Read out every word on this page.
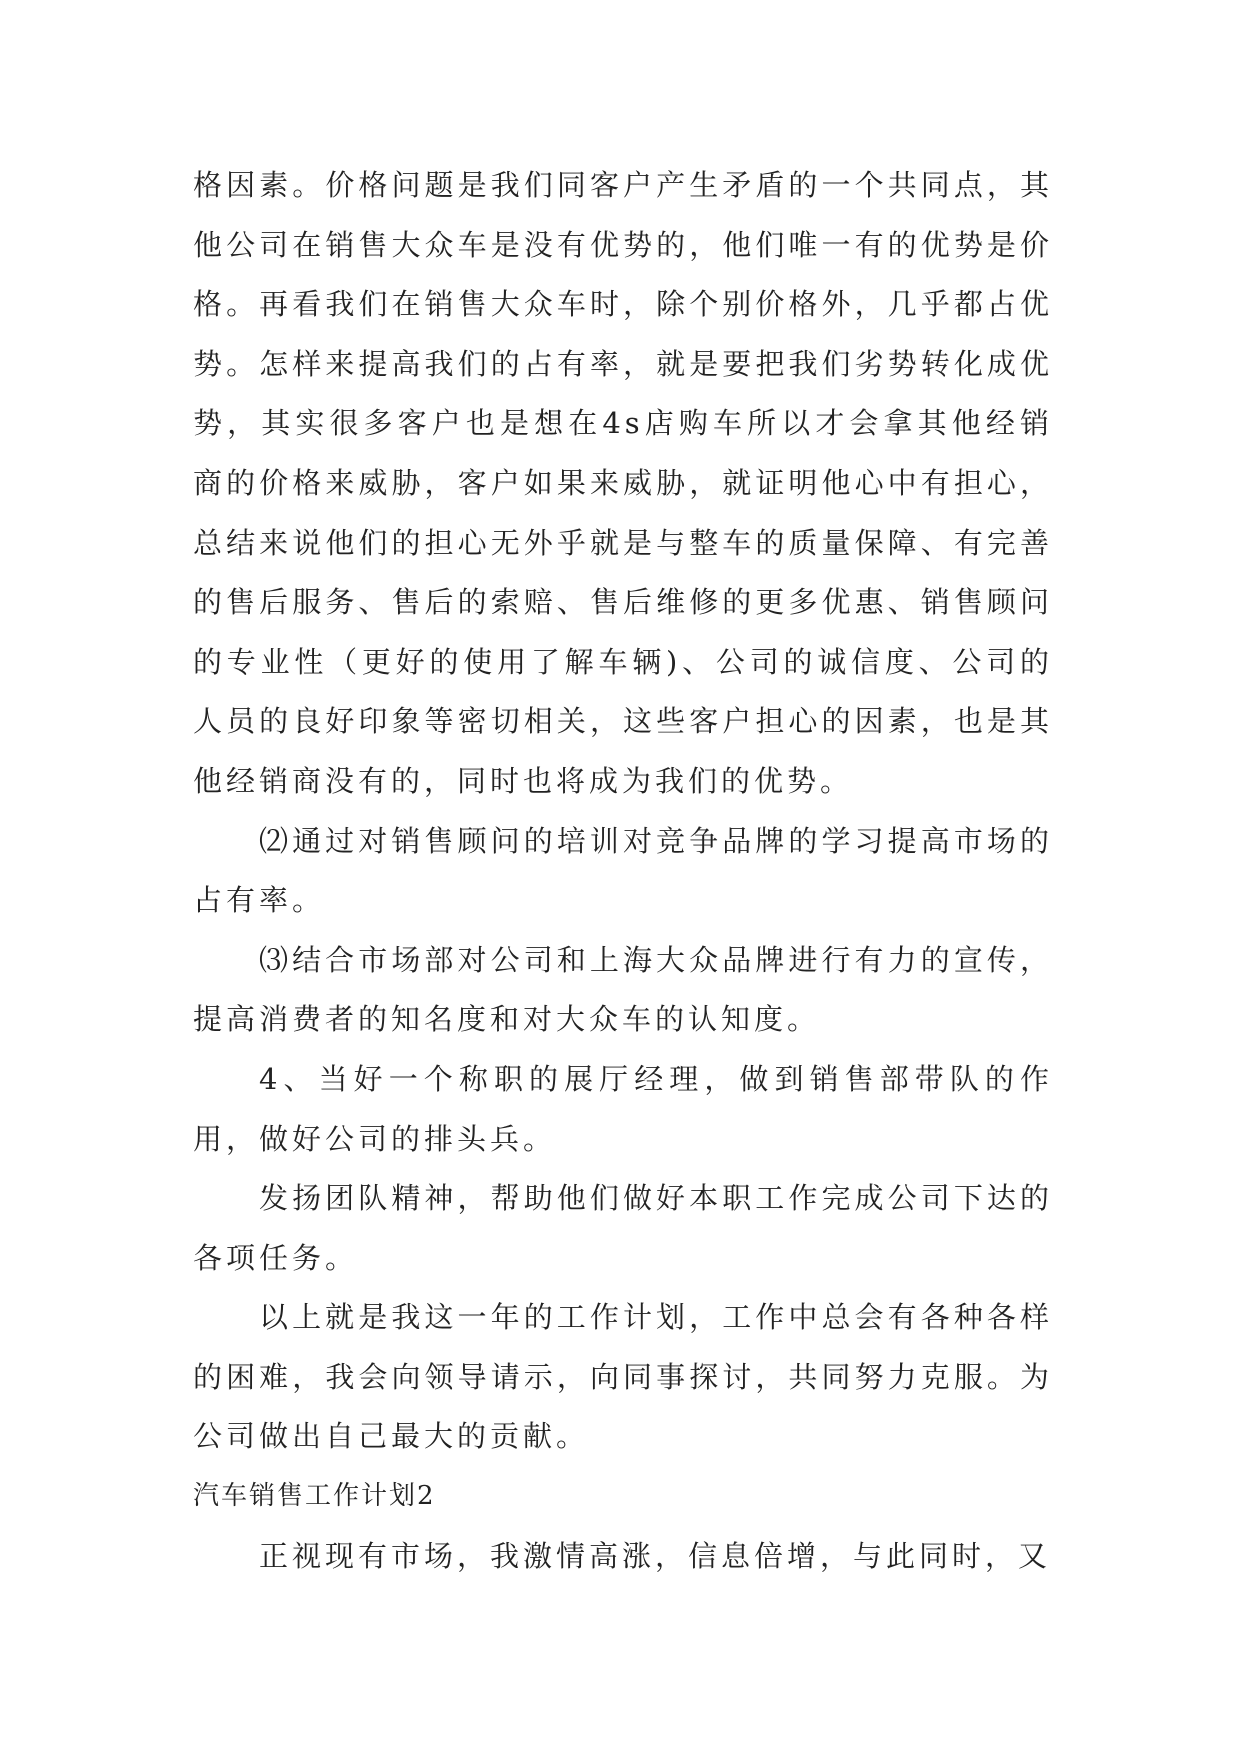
格因素。价格问题是我们同客户产生矛盾的一个共同点，其他公司在销售大众车是没有优势的，他们唯一有的优势是价格。再看我们在销售大众车时，除个别价格外，几乎都占优势。怎样来提高我们的占有率，就是要把我们劣势转化成优势，其实很多客户也是想在4s店购车所以才会拿其他经销商的价格来威胁，客户如果来威胁，就证明他心中有担心，总结来说他们的担心无外乎就是与整车的质量保障、有完善的售后服务、售后的索赔、售后维修的更多优惠、销售顾问的专业性（更好的使用了解车辆)、公司的诚信度、公司的人员的良好印象等密切相关，这些客户担心的因素，也是其他经销商没有的，同时也将成为我们的优势。

⑵通过对销售顾问的培训对竞争品牌的学习提高市场的占有率。

⑶结合市场部对公司和上海大众品牌进行有力的宣传，提高消费者的知名度和对大众车的认知度。

4、当好一个称职的展厅经理，做到销售部带队的作用，做好公司的排头兵。

发扬团队精神，帮助他们做好本职工作完成公司下达的各项任务。

以上就是我这一年的工作计划，工作中总会有各种各样的困难，我会向领导请示，向同事探讨，共同努力克服。为公司做出自己最大的贡献。

汽车销售工作计划2

正视现有市场，我激情高涨，信息倍增，与此同时，又
